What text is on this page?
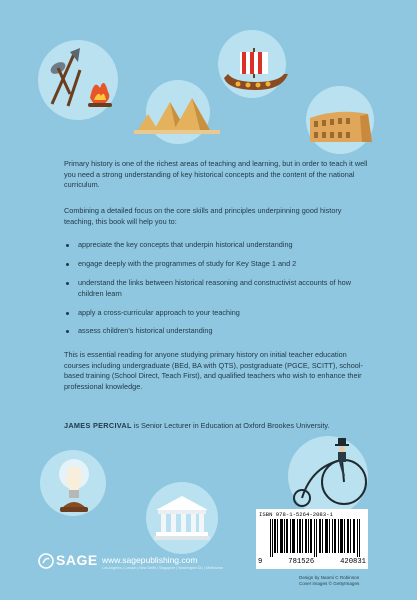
Primary history is one of the richest areas of teaching and learning, but in order to teach it well you need a strong understanding of key historical concepts and the content of the national curriculum.

Combining a detailed focus on the core skills and principles underpinning good history teaching, this book will help you to:

appreciate the key concepts that underpin historical understanding
engage deeply with the programmes of study for Key Stage 1 and 2
understand the links between historical reasoning and constructivist accounts of how children learn
apply a cross-curricular approach to your teaching
assess children’s historical understanding

This is essential reading for anyone studying primary history on initial teacher education courses including undergraduate (BEd, BA with QTS), postgraduate (PGCE, SCITT), school-based training (School Direct, Teach First), and qualified teachers who wish to enhance their professional knowledge.

JAMES PERCIVAL is Senior Lecturer in Education at Oxford Brookes University.
ISBN 978-1-5264-2083-1
9	781526	420831
Design by Naomi C Robinson
Cover images © GettyImages
SAGE www.sagepublishing.com
Los Angeles | London | New Delhi | Singapore | Washington DC | Melbourne
